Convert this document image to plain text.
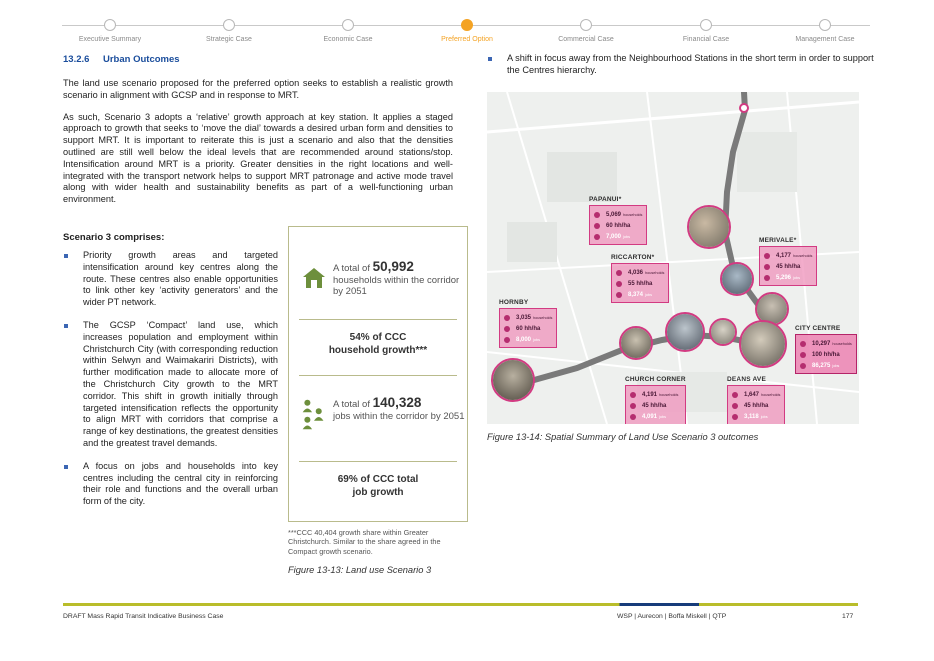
Executive Summary	Strategic Case	Economic Case	Preferred Option	Commercial Case	Financial Case	Management Case
13.2.6 Urban Outcomes

The land use scenario proposed for the preferred option seeks to establish a realistic growth scenario in alignment with GCSP and in response to MRT.

As such, Scenario 3 adopts a ‘relative’ growth approach at key station. It applies a staged approach to growth that seeks to ‘move the dial’ towards a desired urban form and densities to support MRT. It is important to reiterate this is just a scenario and also that the densities outlined are still well below the ideal levels that are recommended around stations/stop. Intensification around MRT is a priority. Greater densities in the right locations and well-integrated with the transport network helps to support MRT patronage and active mode travel along with wider health and sustainability benefits as part of a well-functioning urban environment.

Scenario 3 comprises:
Priority growth areas and targeted intensification around key centres along the route. These centres also enable opportunities to link other key ‘activity generators’ and the wider PT network.
The GCSP ‘Compact’ land use, which increases population and employment within Christchurch City (with corresponding reduction within Selwyn and Waimakariri Districts), with further modification made to allocate more of the Christchurch City growth to the MRT corridor. This shift in growth initially through targeted intensification reflects the opportunity to align MRT with corridors that comprise a range of key destinations, the greatest densities and the greatest travel demands.
A focus on jobs and households into key centres including the central city in reinforcing their role and functions and the overall urban form of the city.
A total of 50,992
households within the corridor by 2051
54% of CCC
household growth***
A total of 140,328
jobs within the corridor by 2051
69% of CCC total
job growth
***CCC 40,404 growth share within Greater Christchurch. Similar to the share agreed in the Compact growth scenario.
Figure 13-13: Land use Scenario 3
A shift in focus away from the Neighbourhood Stations in the short term in order to support the Centres hierarchy.
PAPANUI*
5,069 households
60 hh/ha
7,000 jobs
RICCARTON*
4,036 households
55 hh/ha
8,374 jobs
MERIVALE*
4,177 households
45 hh/ha
5,296 jobs
HORNBY
3,035 households
60 hh/ha
8,000 jobs
CITY CENTRE
10,297 households
100 hh/ha
86,275 jobs
CHURCH CORNER
4,191 households
45 hh/ha
4,091 jobs
DEANS AVE
1,647 households
45 hh/ha
3,118 jobs
Figure 13-14: Spatial Summary of Land Use Scenario 3 outcomes
DRAFT Mass Rapid Transit Indicative Business Case	WSP | Aurecon | Boffa Miskell | QTP	177
